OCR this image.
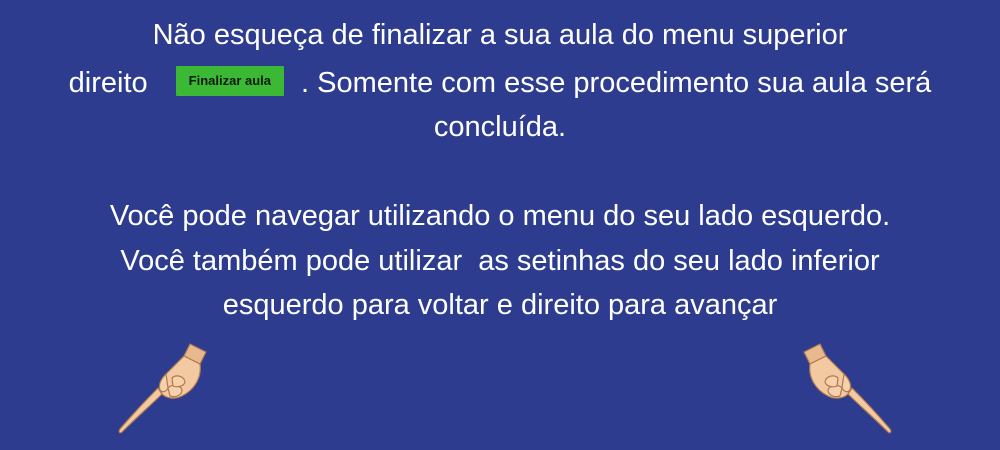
Não esqueça de finalizar a sua aula do menu superior
direito	Finalizar aula . Somente com esse procedimento sua aula será
concluída.
Você pode navegar utilizando o menu do seu lado esquerdo.
Você também pode utilizar  as setinhas do seu lado inferior
esquerdo para voltar e direito para avançar
